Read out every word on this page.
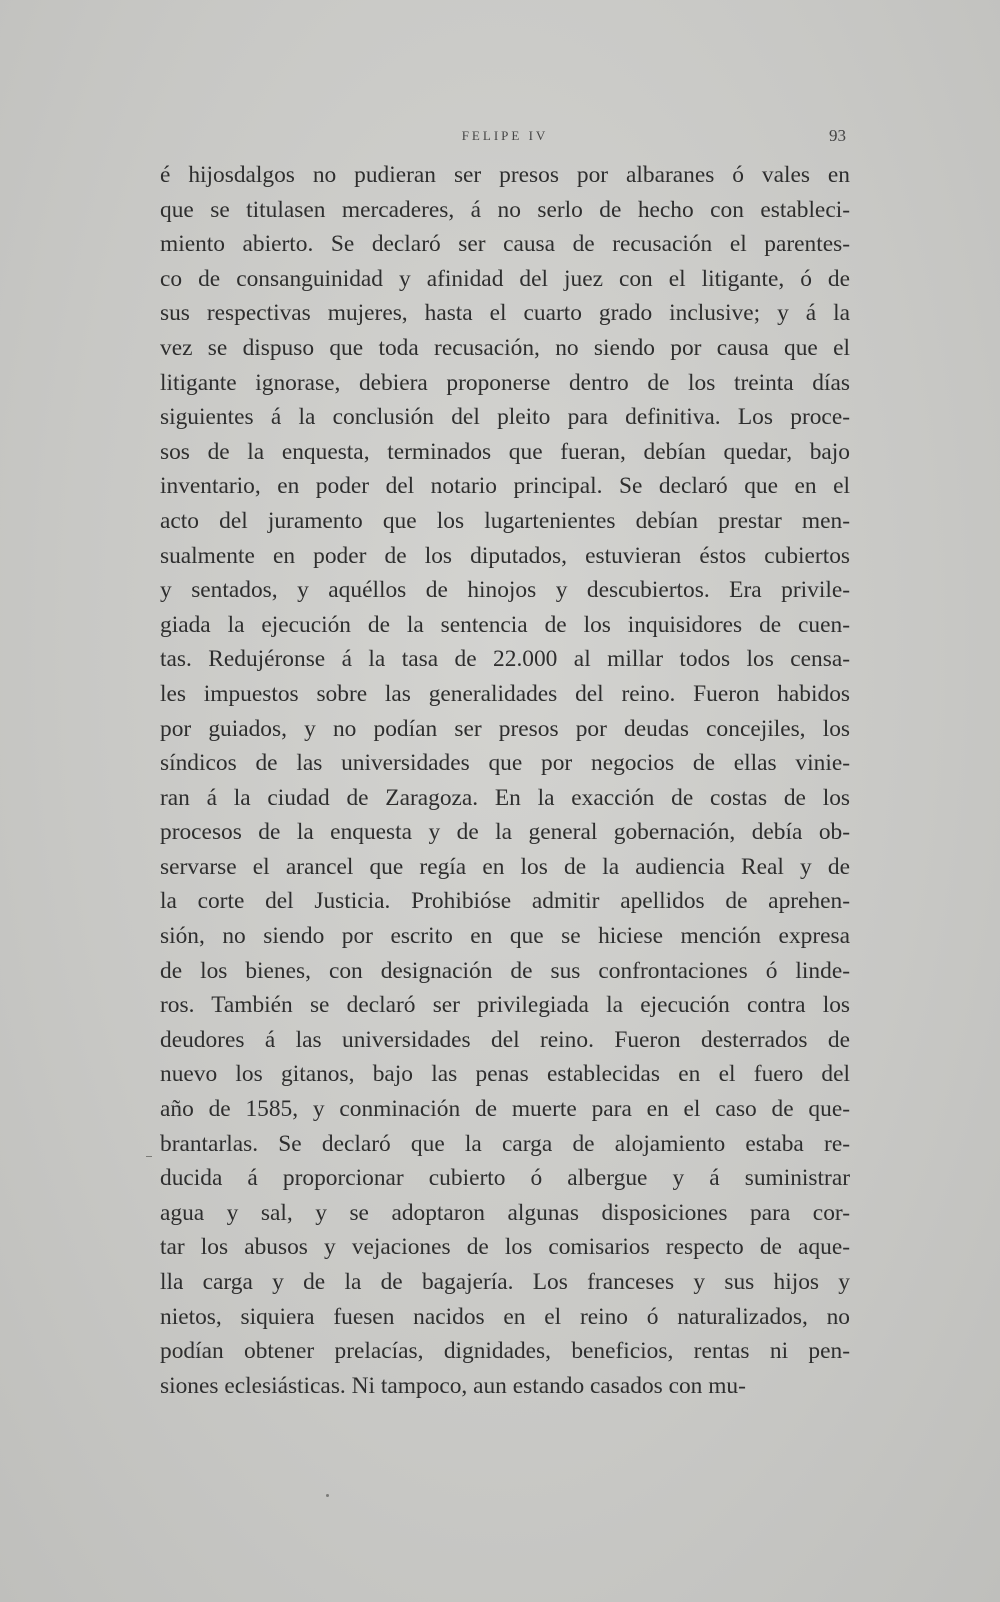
FELIPE IV	93
é hijosdalgos no pudieran ser presos por albaranes ó vales en
que se titulasen mercaderes, á no serlo de hecho con estableci-
miento abierto. Se declaró ser causa de recusación el parentes-
co de consanguinidad y afinidad del juez con el litigante, ó de
sus respectivas mujeres, hasta el cuarto grado inclusive; y á la
vez se dispuso que toda recusación, no siendo por causa que el
litigante ignorase, debiera proponerse dentro de los treinta días
siguientes á la conclusión del pleito para definitiva. Los proce-
sos de la enquesta, terminados que fueran, debían quedar, bajo
inventario, en poder del notario principal. Se declaró que en el
acto del juramento que los lugartenientes debían prestar men-
sualmente en poder de los diputados, estuvieran éstos cubiertos
y sentados, y aquéllos de hinojos y descubiertos. Era privile-
giada la ejecución de la sentencia de los inquisidores de cuen-
tas. Redujéronse á la tasa de 22.000 al millar todos los censa-
les impuestos sobre las generalidades del reino. Fueron habidos
por guiados, y no podían ser presos por deudas concejiles, los
síndicos de las universidades que por negocios de ellas vinie-
ran á la ciudad de Zaragoza. En la exacción de costas de los
procesos de la enquesta y de la general gobernación, debía ob-
servarse el arancel que regía en los de la audiencia Real y de
la corte del Justicia. Prohibióse admitir apellidos de aprehen-
sión, no siendo por escrito en que se hiciese mención expresa
de los bienes, con designación de sus confrontaciones ó linde-
ros. También se declaró ser privilegiada la ejecución contra los
deudores á las universidades del reino. Fueron desterrados de
nuevo los gitanos, bajo las penas establecidas en el fuero del
año de 1585, y conminación de muerte para en el caso de que-
brantarlas. Se declaró que la carga de alojamiento estaba re-
ducida á proporcionar cubierto ó albergue y á suministrar
agua y sal, y se adoptaron algunas disposiciones para cor-
tar los abusos y vejaciones de los comisarios respecto de aque-
lla carga y de la de bagajería. Los franceses y sus hijos y
nietos, siquiera fuesen nacidos en el reino ó naturalizados, no
podían obtener prelacías, dignidades, beneficios, rentas ni pen-
siones eclesiásticas. Ni tampoco, aun estando casados con mu-
